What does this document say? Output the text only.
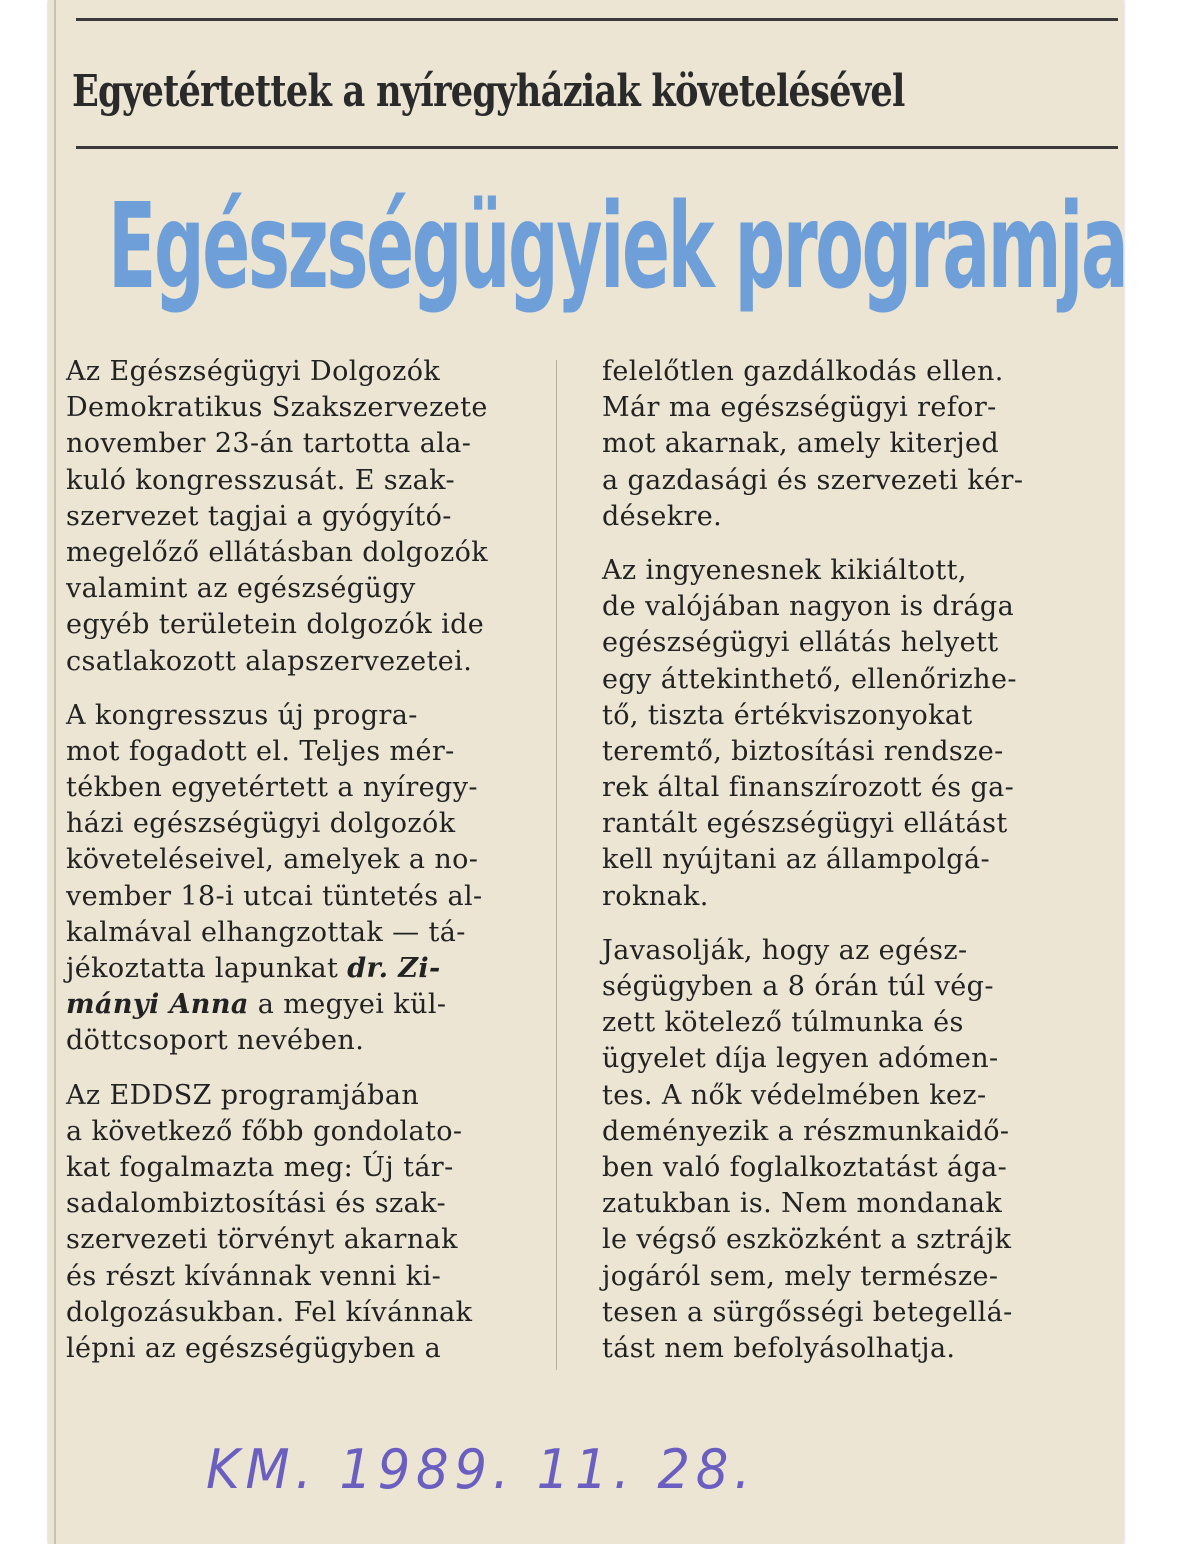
Egyetértettek a nyíregyháziak követelésével
Egészségügyiek programja
Az Egészségügyi Dolgozók
Demokratikus Szakszervezete
november 23-án tartotta ala-
kuló kongresszusát. E szak-
szervezet tagjai a gyógyító-
megelőző ellátásban dolgozók
valamint az egészségügy
egyéb területein dolgozók ide
csatlakozott alapszervezetei.
A kongresszus új progra-
mot fogadott el. Teljes mér-
tékben egyetértett a nyíregy-
házi egészségügyi dolgozók
követeléseivel, amelyek a no-
vember 18-i utcai tüntetés al-
kalmával elhangzottak — tá-
jékoztatta lapunkat dr. Zi-
mányi Anna a megyei kül-
döttcsoport nevében.
Az EDDSZ programjában
a következő főbb gondolato-
kat fogalmazta meg: Új tár-
sadalombiztosítási és szak-
szervezeti törvényt akarnak
és részt kívánnak venni ki-
dolgozásukban. Fel kívánnak
lépni az egészségügyben a
felelőtlen gazdálkodás ellen.
Már ma egészségügyi refor-
mot akarnak, amely kiterjed
a gazdasági és szervezeti kér-
désekre.
Az ingyenesnek kikiáltott,
de valójában nagyon is drága
egészségügyi ellátás helyett
egy áttekinthető, ellenőrizhe-
tő, tiszta értékviszonyokat
teremtő, biztosítási rendsze-
rek által finanszírozott és ga-
rantált egészségügyi ellátást
kell nyújtani az állampolgá-
roknak.
Javasolják, hogy az egész-
ségügyben a 8 órán túl vég-
zett kötelező túlmunka és
ügyelet díja legyen adómen-
tes. A nők védelmében kez-
deményezik a részmunkaidő-
ben való foglalkoztatást ága-
zatukban is. Nem mondanak
le végső eszközként a sztrájk
jogáról sem, mely természe-
tesen a sürgősségi betegellá-
tást nem befolyásolhatja.
KM. 1989. 11. 28.
